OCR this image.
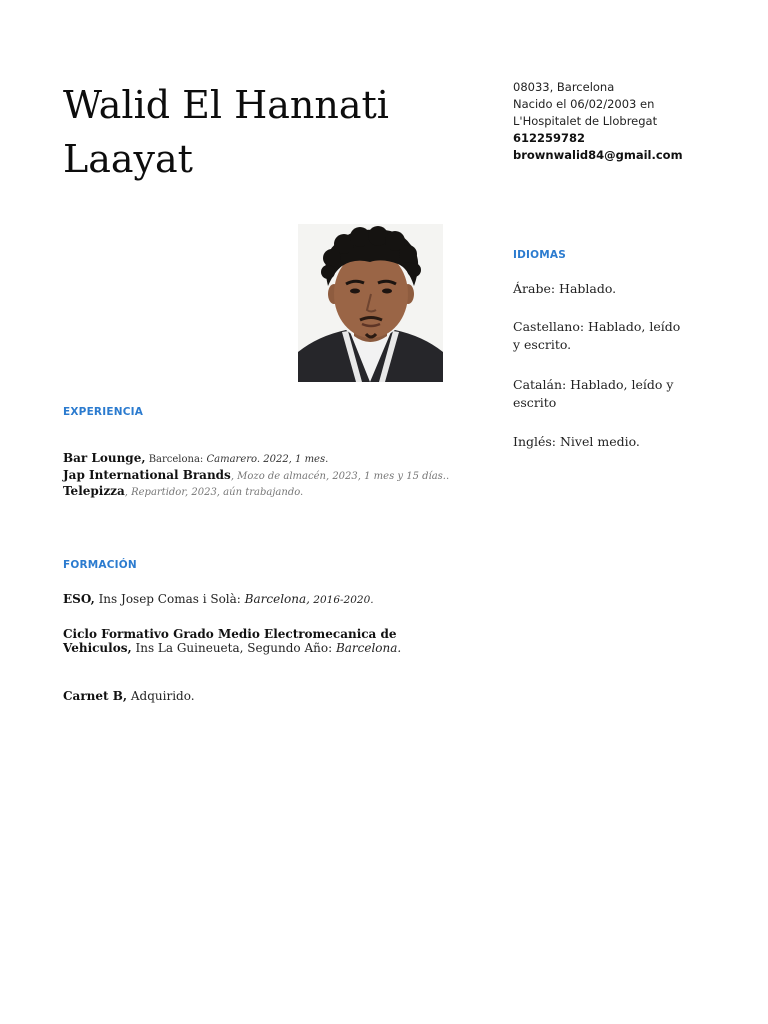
Walid El Hannati
Laayat
08033, Barcelona
Nacido el 06/02/2003 en
L'Hospitalet de Llobregat
612259782
brownwalid84@gmail.com
EXPERIENCIA
Bar Lounge, Barcelona: Camarero. 2022, 1 mes.
Jap International Brands, Mozo de almacén, 2023, 1 mes y 15 días..
Telepizza, Repartidor, 2023, aún trabajando.
FORMACIÓN
ESO, Ins Josep Comas i Solà: Barcelona, 2016-2020.
Ciclo Formativo Grado Medio Electromecanica de Vehiculos, Ins La Guineueta, Segundo Año: Barcelona.
Carnet B, Adquirido.
IDIOMAS
Árabe: Hablado.
Castellano: Hablado, leído y escrito.
Catalán: Hablado, leído y escrito
Inglés: Nivel medio.
